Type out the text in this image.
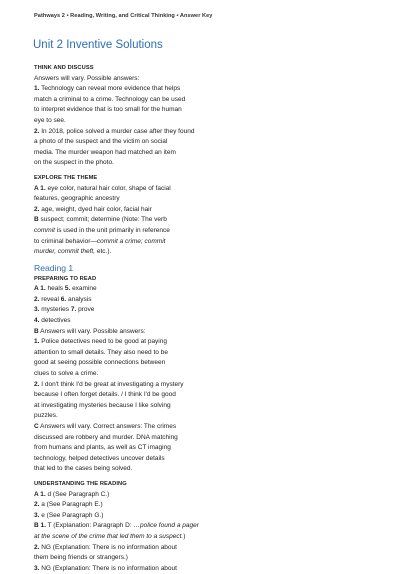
Pathways 2 • Reading, Writing, and Critical Thinking • Answer Key
Unit 2 Inventive Solutions
THINK AND DISCUSS
Answers will vary. Possible answers:
1. Technology can reveal more evidence that helps
match a criminal to a crime. Technology can be used
to interpret evidence that is too small for the human
eye to see.
2. In 2018, police solved a murder case after they found
a photo of the suspect and the victim on social
media. The murder weapon had matched an item
on the suspect in the photo.
EXPLORE THE THEME
A 1. eye color, natural hair color, shape of facial
features, geographic ancestry
2. age, weight, dyed hair color, facial hair
B suspect; commit; determine (Note: The verb
commit is used in the unit primarily in reference
to criminal behavior—commit a crime; commit
murder, commit theft, etc.).
Reading 1
PREPARING TO READ
A 1. heals 5. examine
2. reveal 6. analysis
3. mysteries 7. prove
4. detectives
B Answers will vary. Possible answers:
1. Police detectives need to be good at paying
attention to small details. They also need to be
good at seeing possible connections between
clues to solve a crime.
2. I don't think I'd be great at investigating a mystery
because I often forget details. / I think I'd be good
at investigating mysteries because I like solving
puzzles.
C Answers will vary. Correct answers: The crimes
discussed are robbery and murder. DNA matching
from humans and plants, as well as CT imaging
technology, helped detectives uncover details
that led to the cases being solved.
UNDERSTANDING THE READING
A 1. d (See Paragraph C.)
2. a (See Paragraph E.)
3. e (See Paragraph G.)
B 1. T (Explanation: Paragraph D: …police found a pager
at the scene of the crime that led them to a suspect.)
2. NG (Explanation: There is no information about
them being friends or strangers.)
3. NG (Explanation: There is no information about
